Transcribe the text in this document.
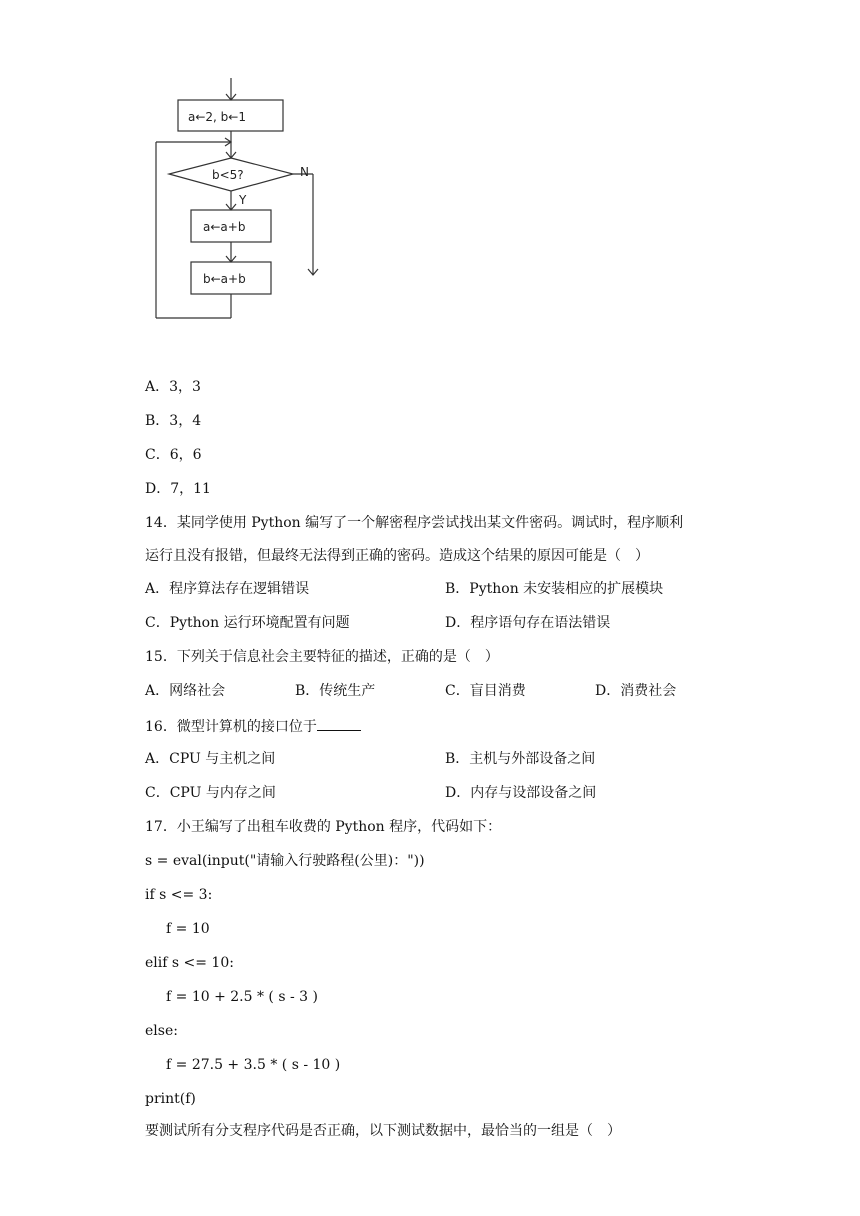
a←2, b←1
b<5?	N
Y
a←a+b
b←a+b
A．3，3
B．3，4
C．6，6
D．7，11
14．某同学使用 Python 编写了一个解密程序尝试找出某文件密码。调试时，程序顺利
运行且没有报错，但最终无法得到正确的密码。造成这个结果的原因可能是（　）
A．程序算法存在逻辑错误	B．Python 未安装相应的扩展模块
C．Python 运行环境配置有问题	D．程序语句存在语法错误
15．下列关于信息社会主要特征的描述，正确的是（　）
A．网络社会	B．传统生产	C．盲目消费	D．消费社会
16．微型计算机的接口位于
A．CPU 与主机之间	B．主机与外部设备之间
C．CPU 与内存之间	D．内存与设部设备之间
17．小王编写了出租车收费的 Python 程序，代码如下：
s = eval(input("请输入行驶路程(公里)："))
if s <= 3:
f = 10
elif s <= 10:
f = 10 + 2.5 * ( s - 3 )
else:
f = 27.5 + 3.5 * ( s - 10 )
print(f)
要测试所有分支程序代码是否正确，以下测试数据中，最恰当的一组是（　）
